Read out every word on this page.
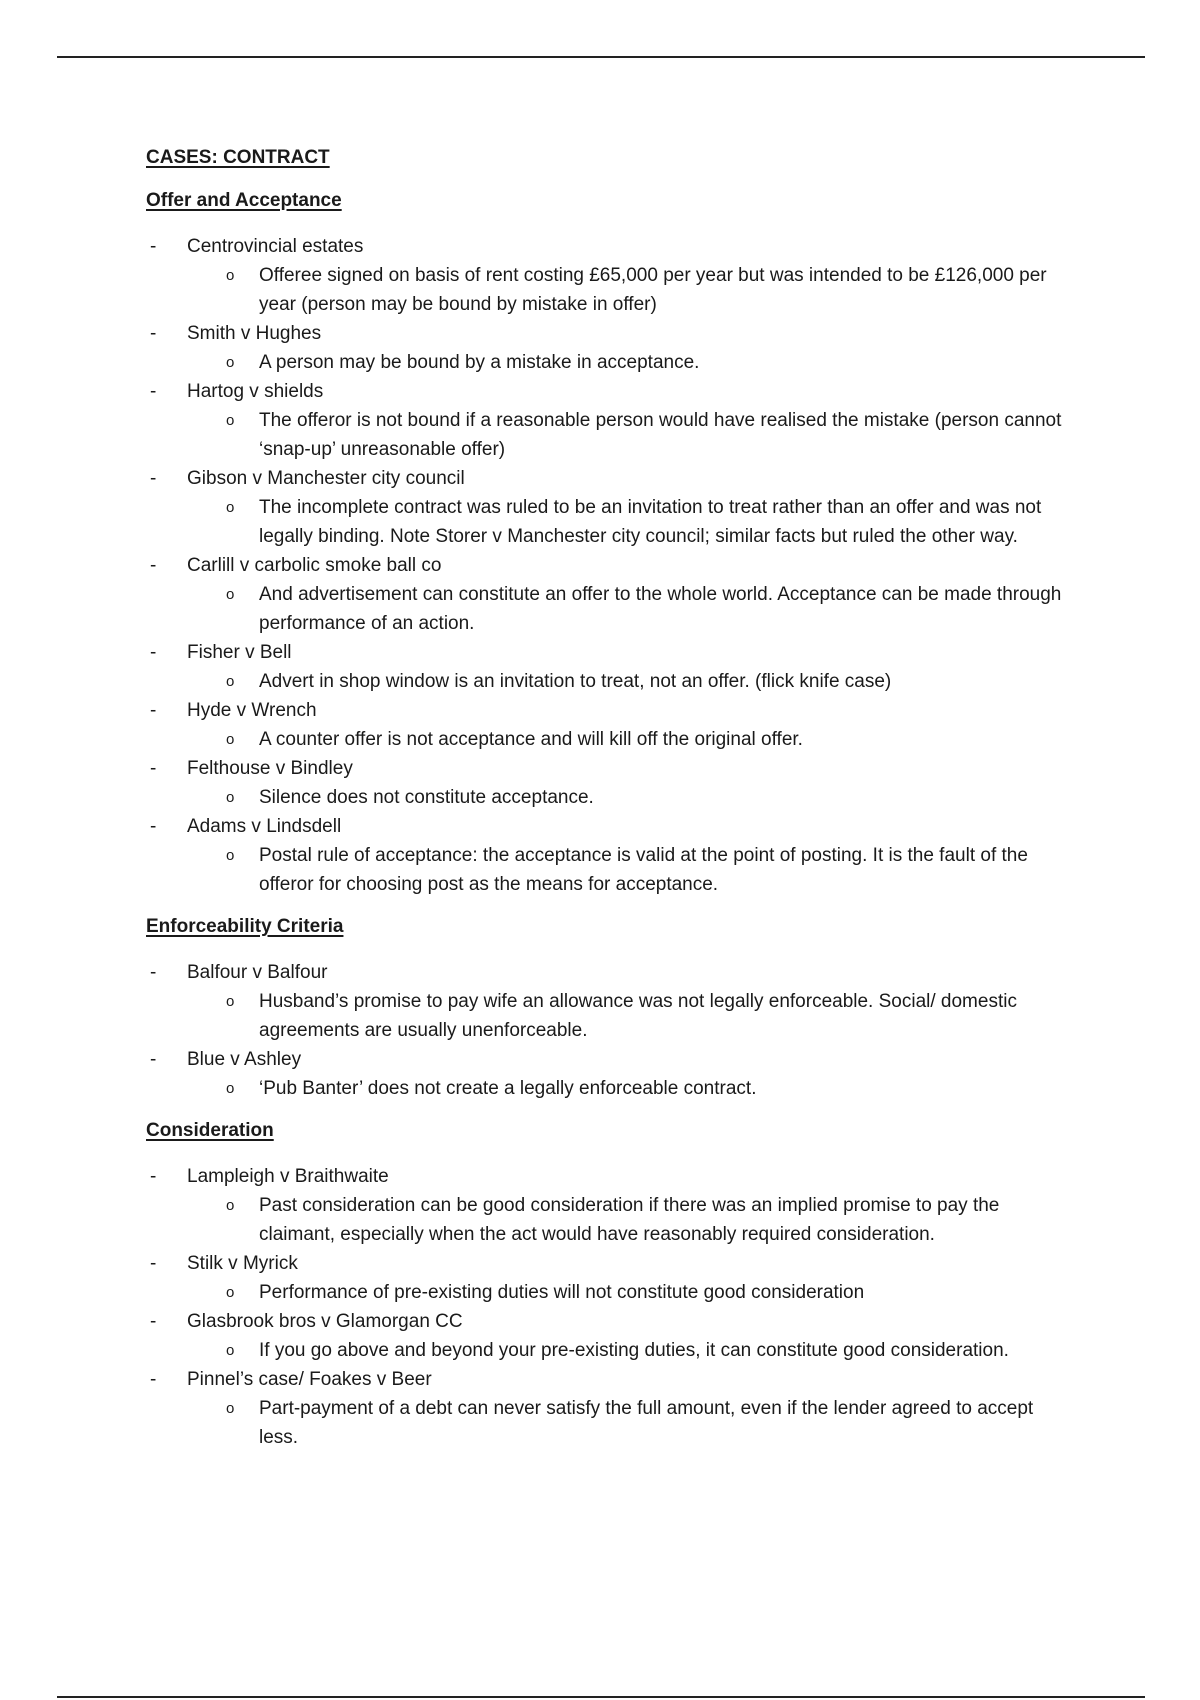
CASES: CONTRACT
Offer and Acceptance
- Centrovincial estates
o Offeree signed on basis of rent costing £65,000 per year but was intended to be £126,000 per year (person may be bound by mistake in offer)
- Smith v Hughes
o A person may be bound by a mistake in acceptance.
- Hartog v shields
o The offeror is not bound if a reasonable person would have realised the mistake (person cannot ‘snap-up’ unreasonable offer)
- Gibson v Manchester city council
o The incomplete contract was ruled to be an invitation to treat rather than an offer and was not legally binding. Note Storer v Manchester city council; similar facts but ruled the other way.
- Carlill v carbolic smoke ball co
o And advertisement can constitute an offer to the whole world. Acceptance can be made through performance of an action.
- Fisher v Bell
o Advert in shop window is an invitation to treat, not an offer. (flick knife case)
- Hyde v Wrench
o A counter offer is not acceptance and will kill off the original offer.
- Felthouse v Bindley
o Silence does not constitute acceptance.
- Adams v Lindsdell
o Postal rule of acceptance: the acceptance is valid at the point of posting. It is the fault of the offeror for choosing post as the means for acceptance.
Enforceability Criteria
- Balfour v Balfour
o Husband’s promise to pay wife an allowance was not legally enforceable. Social/ domestic agreements are usually unenforceable.
- Blue v Ashley
o ‘Pub Banter’ does not create a legally enforceable contract.
Consideration
- Lampleigh v Braithwaite
o Past consideration can be good consideration if there was an implied promise to pay the claimant, especially when the act would have reasonably required consideration.
- Stilk v Myrick
o Performance of pre-existing duties will not constitute good consideration
- Glasbrook bros v Glamorgan CC
o If you go above and beyond your pre-existing duties, it can constitute good consideration.
- Pinnel’s case/ Foakes v Beer
o Part-payment of a debt can never satisfy the full amount, even if the lender agreed to accept less.
